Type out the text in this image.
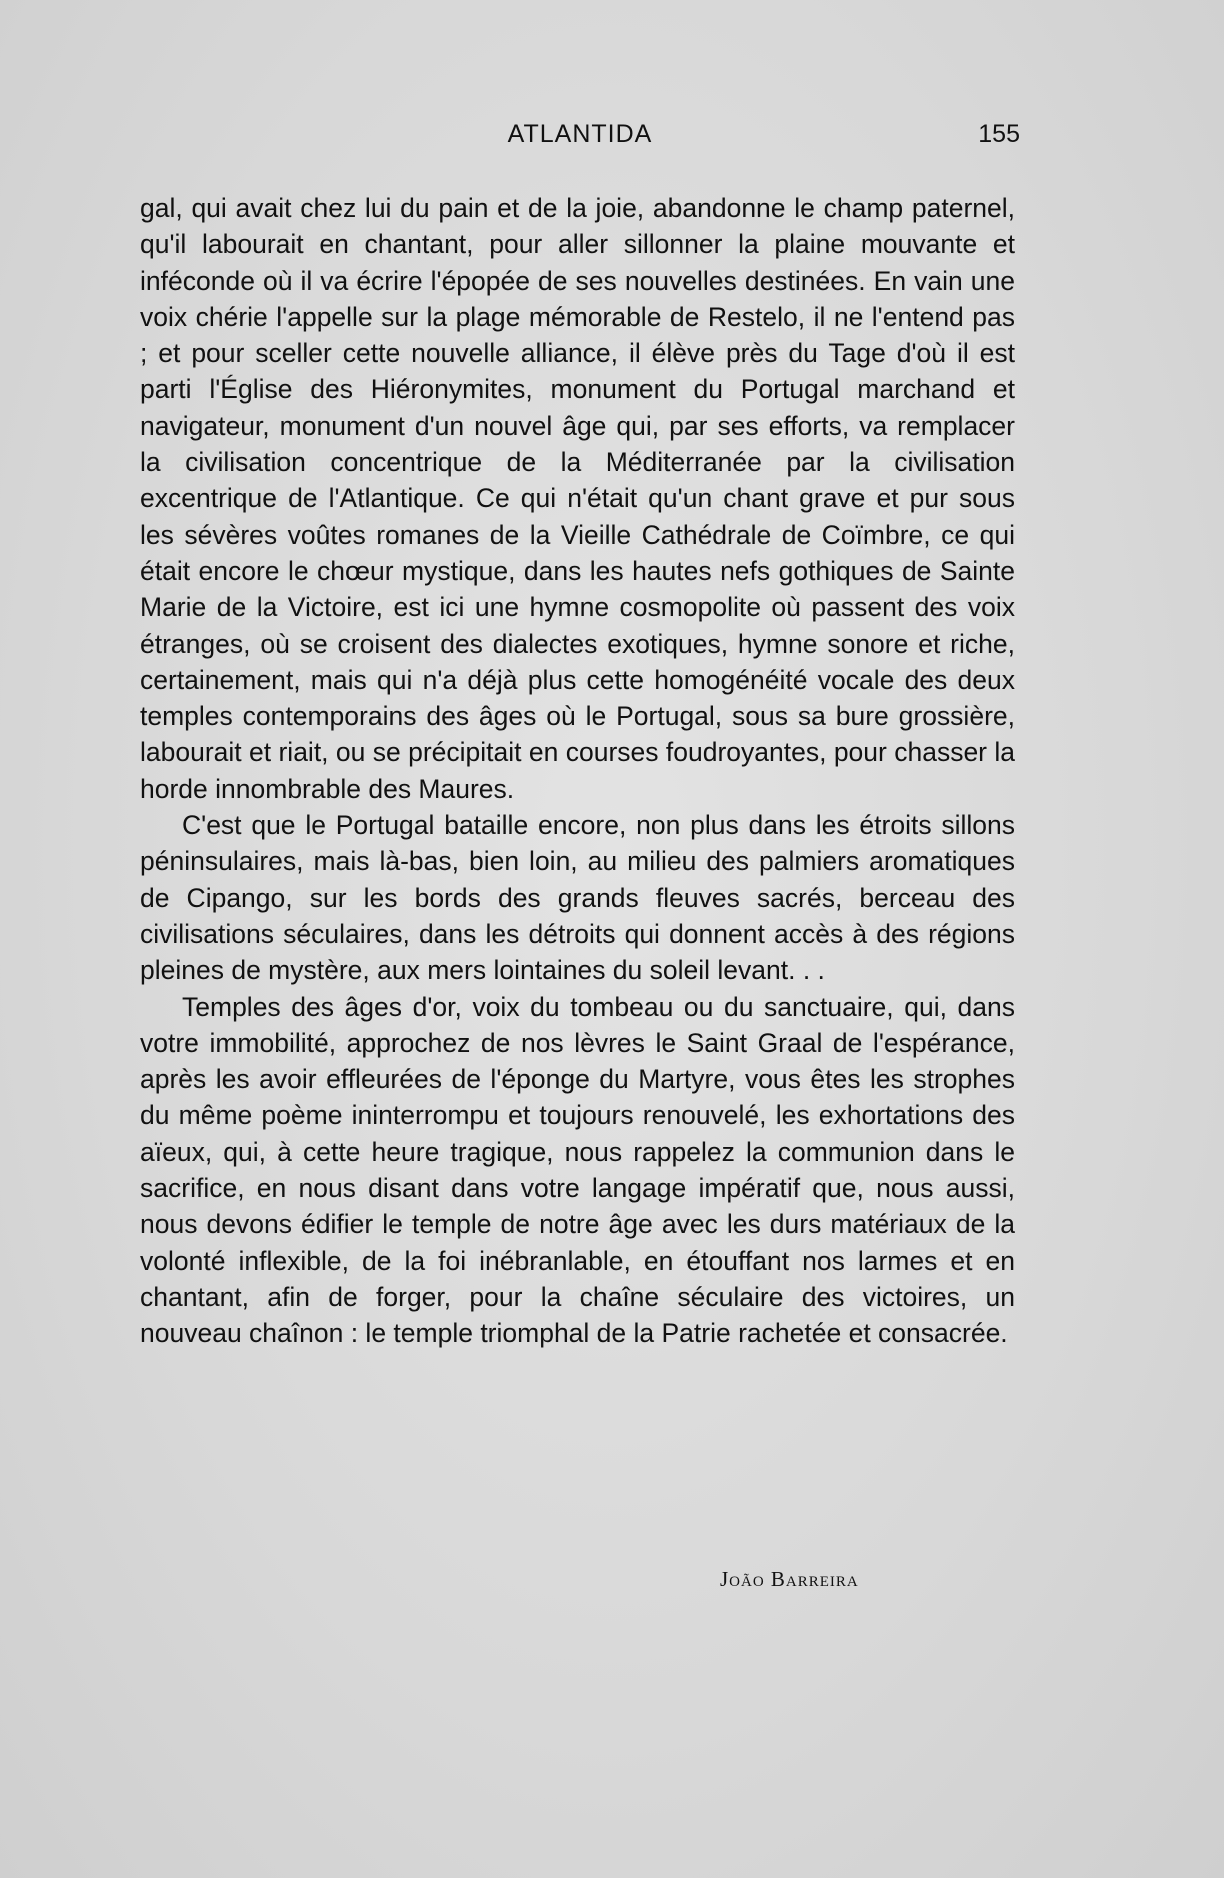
ATLANTIDA	155

gal, qui avait chez lui du pain et de la joie, abandonne le champ paternel, qu'il labourait en chantant, pour aller sillonner la plaine mouvante et inféconde où il va écrire l'épopée de ses nouvelles destinées. En vain une voix chérie l'appelle sur la plage mémorable de Restelo, il ne l'entend pas ; et pour sceller cette nouvelle alliance, il élève près du Tage d'où il est parti l'Église des Hiéronymites, monument du Portugal marchand et navigateur, monument d'un nouvel âge qui, par ses efforts, va remplacer la civilisation concentrique de la Méditerranée par la civilisation excentrique de l'Atlantique. Ce qui n'était qu'un chant grave et pur sous les sévères voûtes romanes de la Vieille Cathédrale de Coïmbre, ce qui était encore le chœur mystique, dans les hautes nefs gothiques de Sainte Marie de la Victoire, est ici une hymne cosmopolite où passent des voix étranges, où se croisent des dialectes exotiques, hymne sonore et riche, certainement, mais qui n'a déjà plus cette homogénéité vocale des deux temples contemporains des âges où le Portugal, sous sa bure grossière, labourait et riait, ou se précipitait en courses foudroyantes, pour chasser la horde innombrable des Maures.

C'est que le Portugal bataille encore, non plus dans les étroits sillons péninsulaires, mais là-bas, bien loin, au milieu des palmiers aromatiques de Cipango, sur les bords des grands fleuves sacrés, berceau des civilisations séculaires, dans les détroits qui donnent accès à des régions pleines de mystère, aux mers lointaines du soleil levant. . .

Temples des âges d'or, voix du tombeau ou du sanctuaire, qui, dans votre immobilité, approchez de nos lèvres le Saint Graal de l'espérance, après les avoir effleurées de l'éponge du Martyre, vous êtes les strophes du même poème ininterrompu et toujours renouvelé, les exhortations des aïeux, qui, à cette heure tragique, nous rappelez la communion dans le sacrifice, en nous disant dans votre langage impératif que, nous aussi, nous devons édifier le temple de notre âge avec les durs matériaux de la volonté inflexible, de la foi inébranlable, en étouffant nos larmes et en chantant, afin de forger, pour la chaîne séculaire des victoires, un nouveau chaînon : le temple triomphal de la Patrie rachetée et consacrée.

João Barreira
